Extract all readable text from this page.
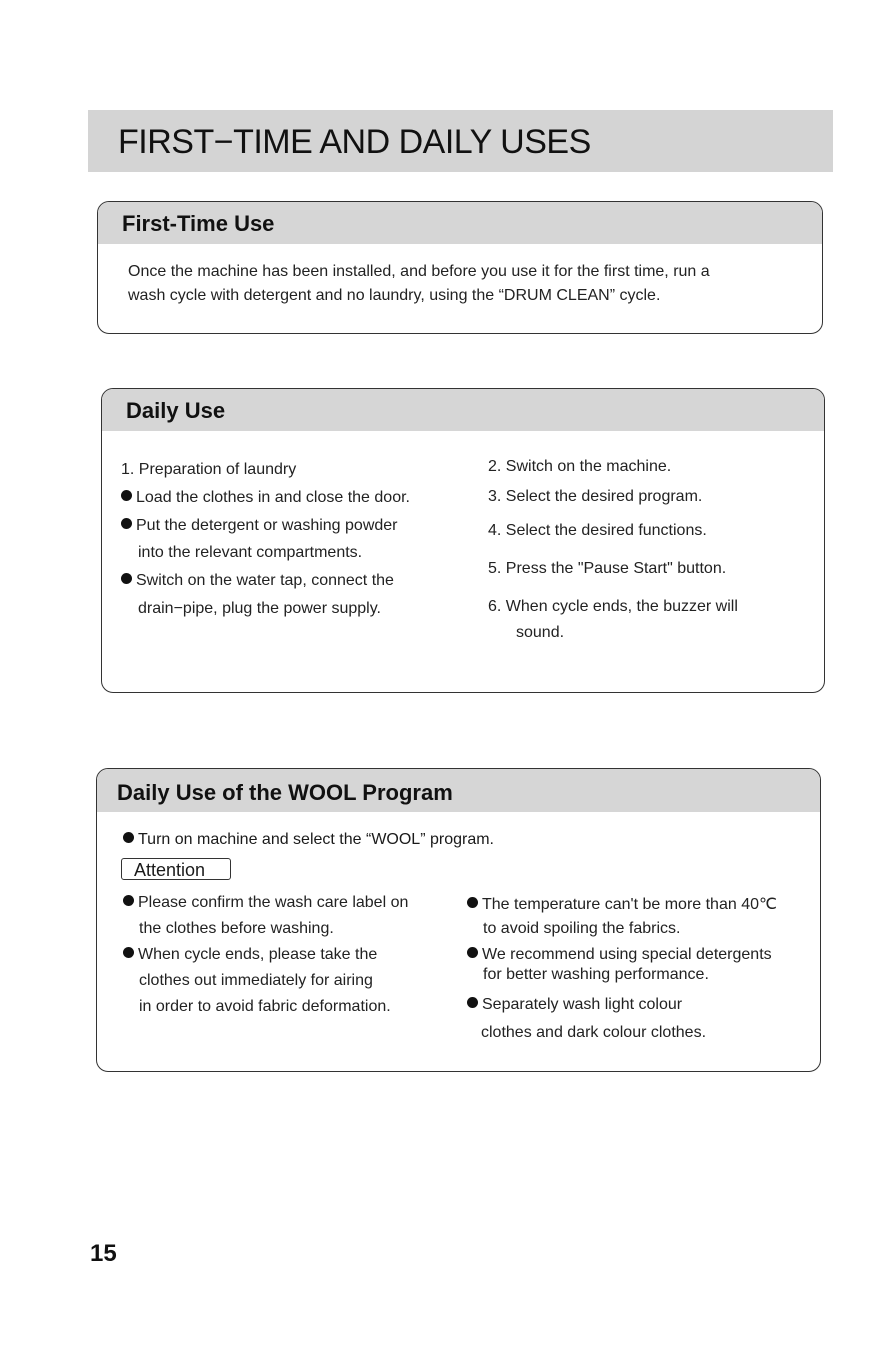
FIRST−TIME AND DAILY USES
First-Time Use
Once the machine has been installed, and before you use it for the first time, run a
wash cycle with detergent and no laundry, using the “DRUM CLEAN” cycle.
Daily Use
1. Preparation of laundry
Load the clothes in and close the door.
Put the detergent or washing powder
into the relevant compartments.
Switch on the water tap, connect the
drain−pipe, plug the power supply.
2. Switch on the machine.
3. Select the desired program.
4. Select the desired functions.
5. Press the "Pause Start" button.
6. When cycle ends, the buzzer will
sound.
Daily Use of the WOOL Program
Turn on machine and select the “WOOL” program.
Attention
Please confirm the wash care label on
the clothes before washing.
When cycle ends, please take the
clothes out immediately for airing
in order to avoid fabric deformation.
The temperature can't be more than 40℃
to avoid spoiling the fabrics.
We recommend using special detergents
for better washing performance.
Separately wash light colour
clothes and dark colour clothes.
15
